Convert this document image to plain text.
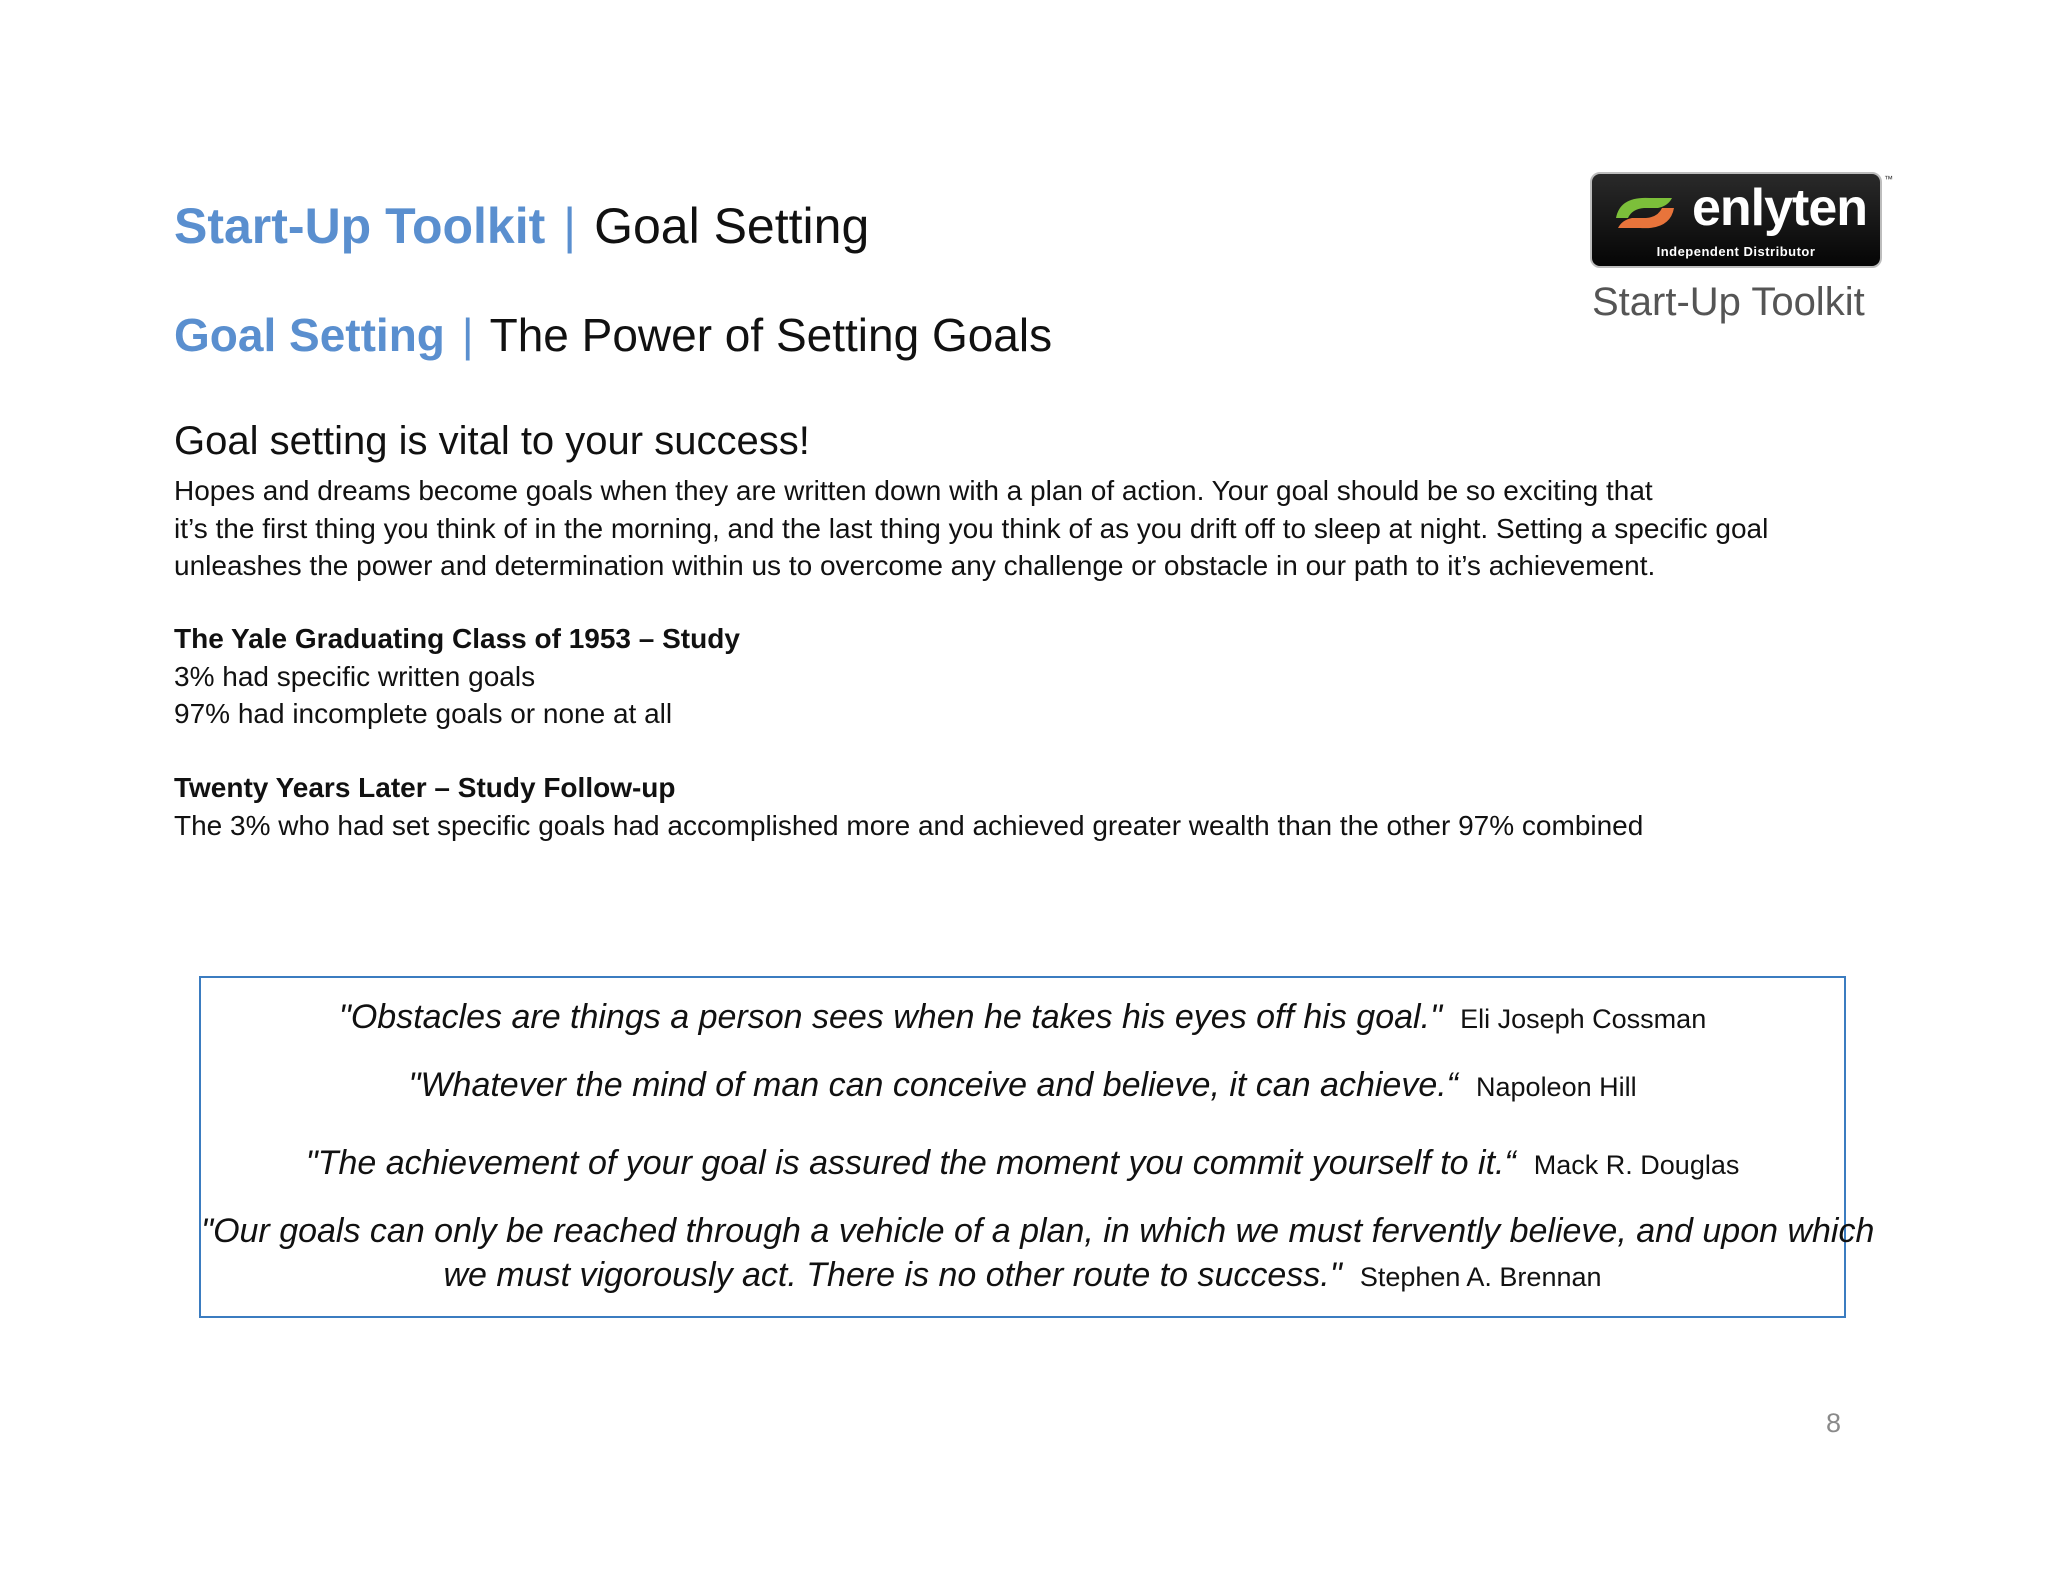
Start-Up Toolkit | Goal Setting
Goal Setting | The Power of Setting Goals
enlyten
Independent Distributor
™
Start-Up Toolkit
Goal setting is vital to your success!
Hopes and dreams become goals when they are written down with a plan of action. Your goal should be so exciting that
it’s the first thing you think of in the morning, and the last thing you think of as you drift off to sleep at night. Setting a specific goal
unleashes the power and determination within us to overcome any challenge or obstacle in our path to it’s achievement.
The Yale Graduating Class of 1953 – Study
3% had specific written goals
97% had incomplete goals or none at all
Twenty Years Later – Study Follow-up
The 3% who had set specific goals had accomplished more and achieved greater wealth than the other 97% combined
"Obstacles are things a person sees when he takes his eyes off his goal." Eli Joseph Cossman
"Whatever the mind of man can conceive and believe, it can achieve.“ Napoleon Hill
"The achievement of your goal is assured the moment you commit yourself to it.“ Mack R. Douglas
"Our goals can only be reached through a vehicle of a plan, in which we must fervently believe, and upon which
we must vigorously act. There is no other route to success." Stephen A. Brennan
8
